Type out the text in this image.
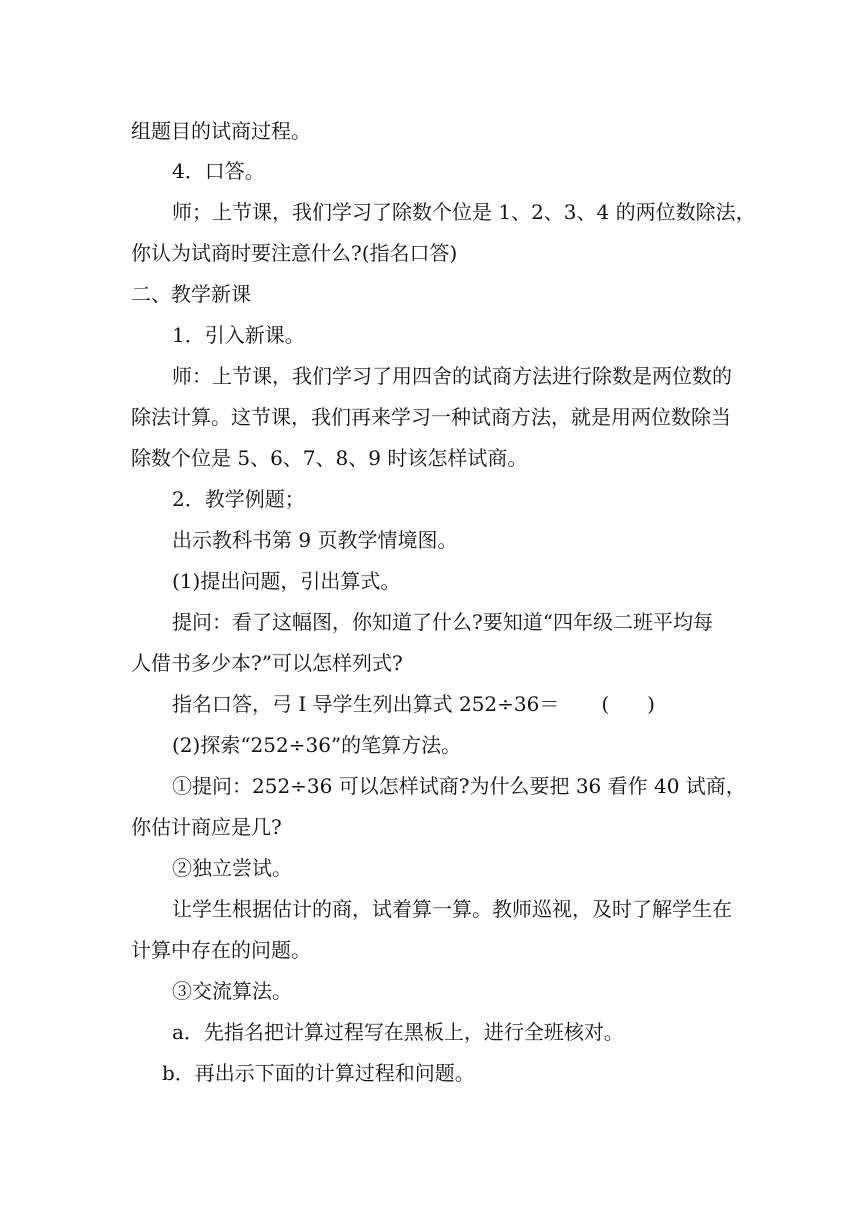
组题目的试商过程。
4．口答。
师；上节课，我们学习了除数个位是 1、2、3、4 的两位数除法，
你认为试商时要注意什么?(指名口答)
二、教学新课
1．引入新课。
师：上节课，我们学习了用四舍的试商方法进行除数是两位数的
除法计算。这节课，我们再来学习一种试商方法，就是用两位数除当
除数个位是 5、6、7、8、9 时该怎样试商。
2．教学例题；
出示教科书第 9 页教学情境图。
(1)提出问题，引出算式。
提问：看了这幅图，你知道了什么?要知道“四年级二班平均每
人借书多少本?”可以怎样列式?
指名口答，弓 I 导学生列出算式 252÷36＝ ( )
(2)探索“252÷36”的笔算方法。
①提问：252÷36 可以怎样试商?为什么要把 36 看作 40 试商，
你估计商应是几?
②独立尝试。
让学生根据估计的商，试着算一算。教师巡视，及时了解学生在
计算中存在的问题。
③交流算法。
a．先指名把计算过程写在黑板上，进行全班核对。
b．再出示下面的计算过程和问题。
